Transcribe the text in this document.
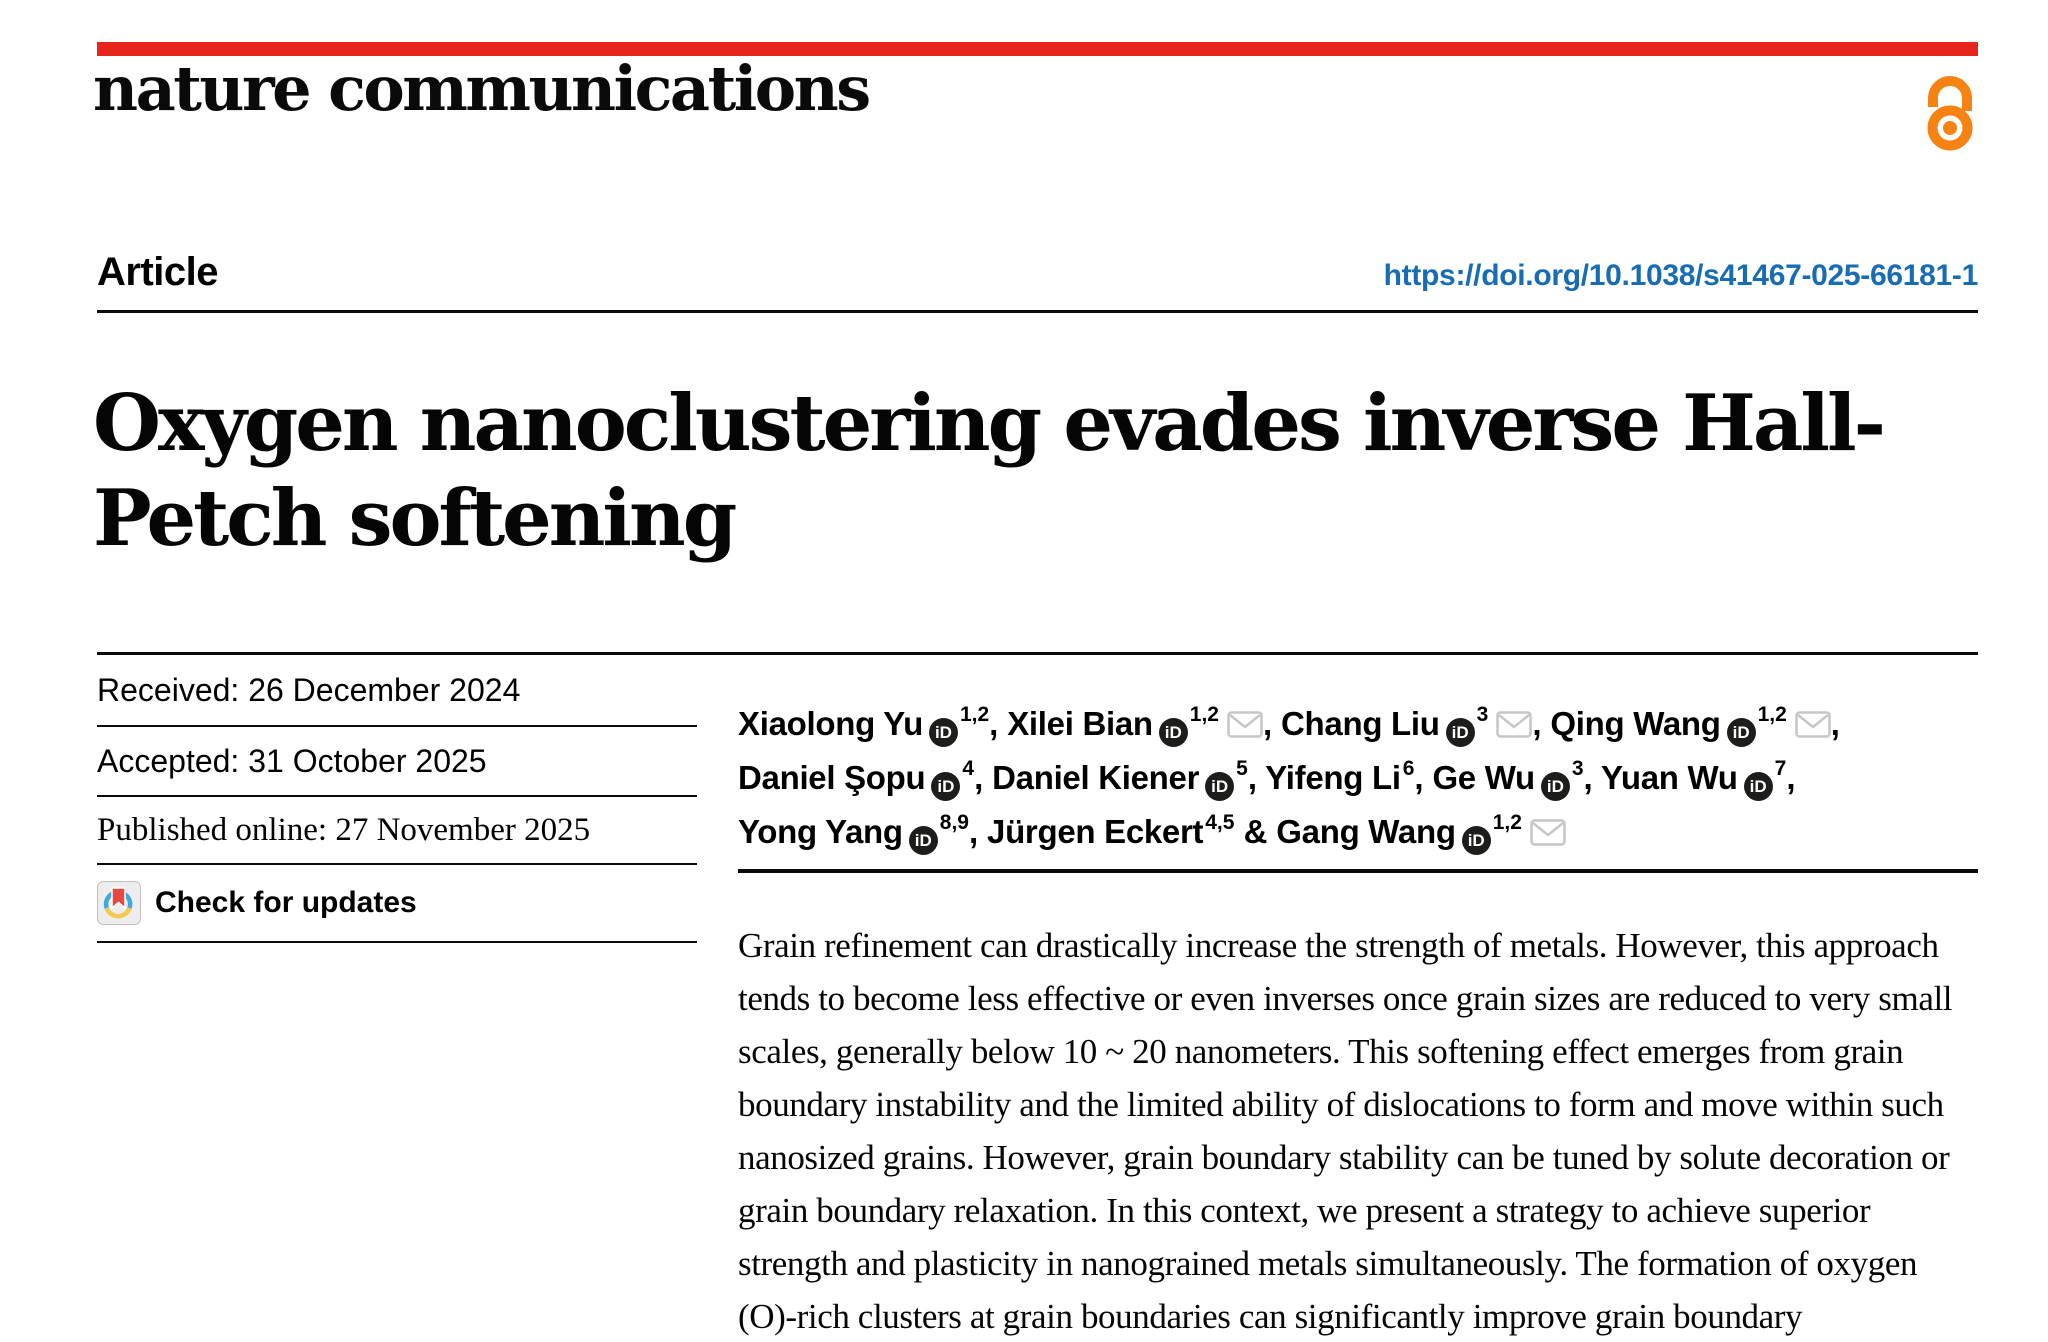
nature communications
Article	https://doi.org/10.1038/s41467-025-66181-1
Oxygen nanoclustering evades inverse Hall-
Petch softening
Received: 26 December 2024
Accepted: 31 October 2025
Published online: 27 November 2025
Check for updates

Xiaolong Yu iD$^{1,2}$, Xilei Bian iD$^{1,2}$ , Chang Liu $iD^3$ , Qing Wang iD$^{1,2}$ , Daniel Şopu $iD^4$, Daniel Kiener $iD^5$, Yifeng Li$^6$, Ge Wu $iD^3$, Yuan Wu $iD^7$, Yong Yang iD$^{8,9}$, Jürgen Eckert$^{4,5}$ & Gang Wang iD$^{1,2}$

Grain refinement can drastically increase the strength of metals. However, this approach tends to become less effective or even inverses once grain sizes are reduced to very small scales, generally below 10 ~ 20 nanometers. This softening effect emerges from grain boundary instability and the limited ability of dislocations to form and move within such nanosized grains. However, grain boundary stability can be tuned by solute decoration or grain boundary relaxation. In this context, we present a strategy to achieve superior strength and plasticity in nanograined metals simultaneously. The formation of oxygen (O)-rich clusters at grain boundaries can significantly improve grain boundary
